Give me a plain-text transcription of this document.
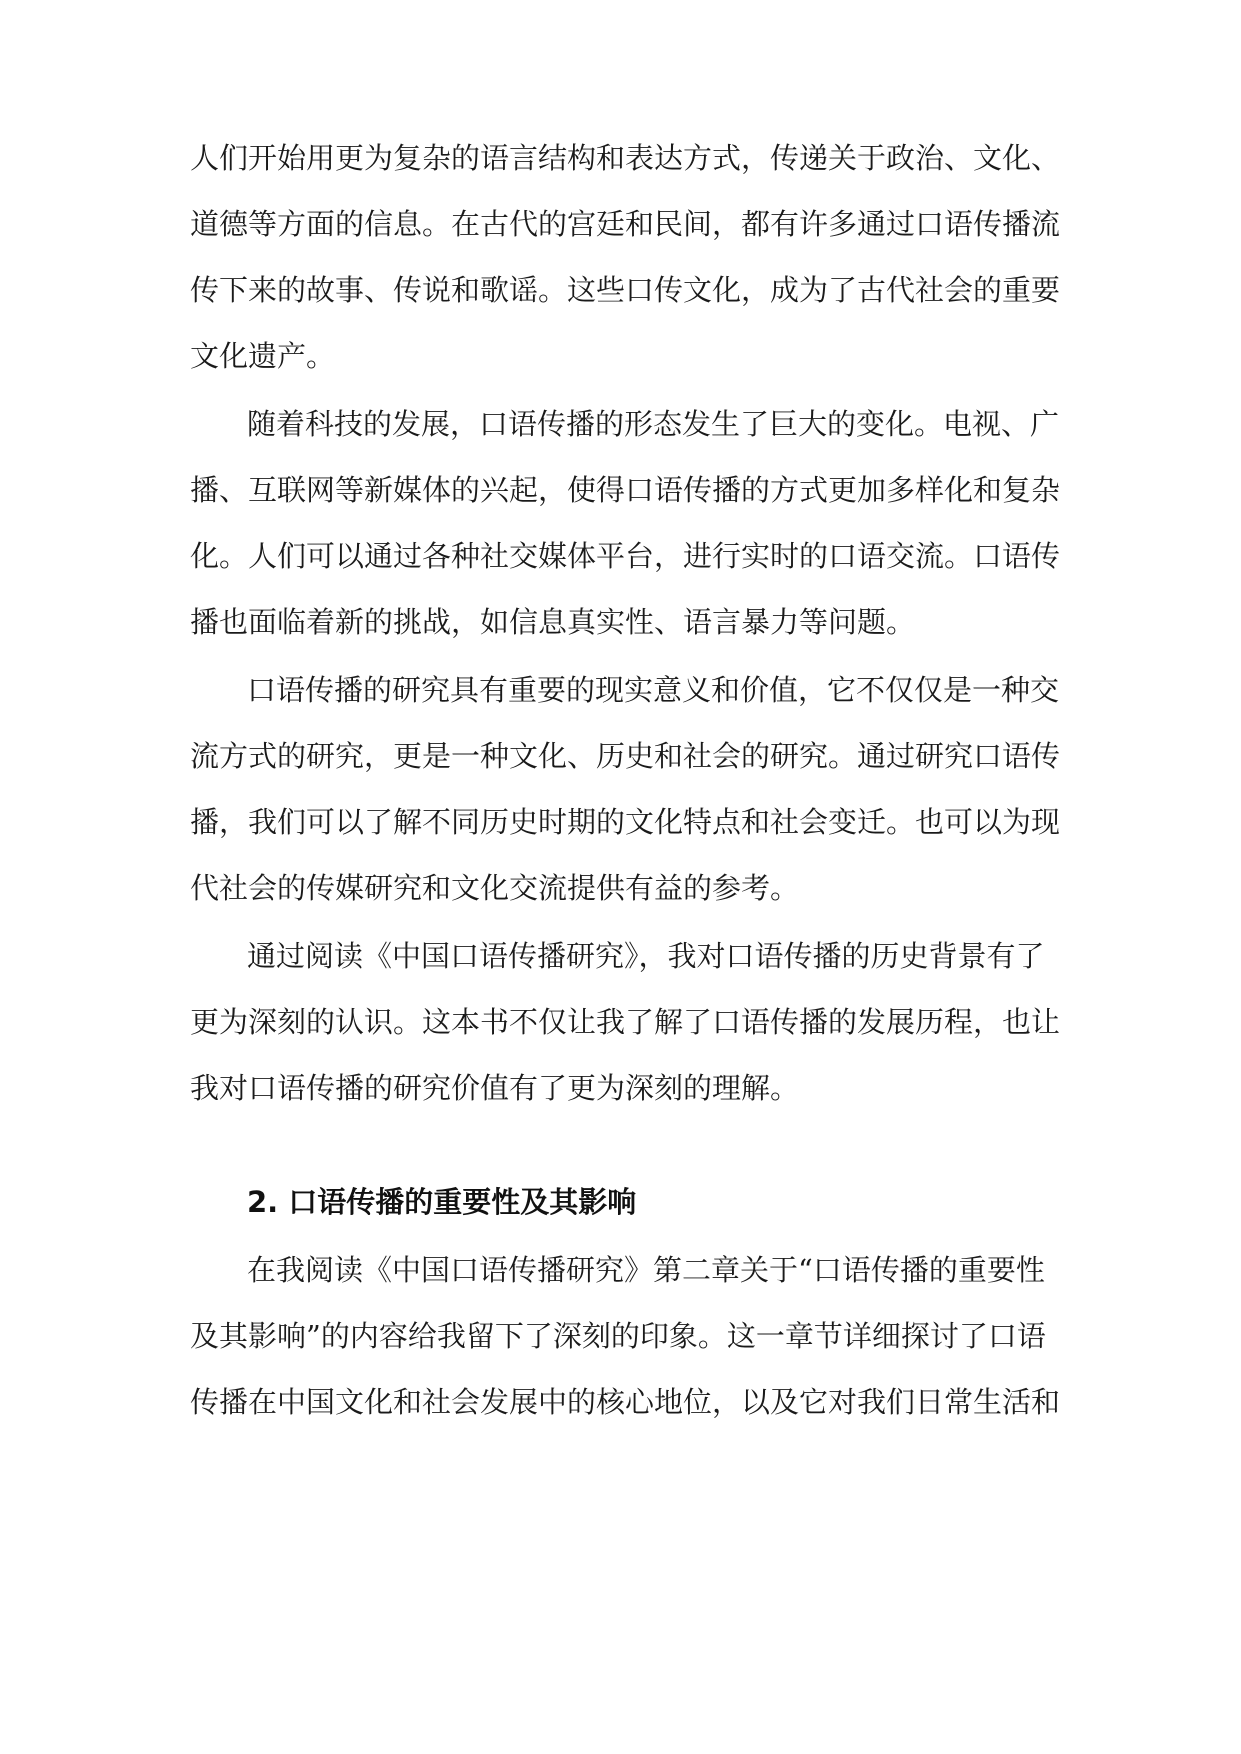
人们开始用更为复杂的语言结构和表达方式，传递关于政治、文化、

道德等方面的信息。在古代的宫廷和民间，都有许多通过口语传播流

传下来的故事、传说和歌谣。这些口传文化，成为了古代社会的重要

文化遗产。

随着科技的发展，口语传播的形态发生了巨大的变化。电视、广

播、互联网等新媒体的兴起，使得口语传播的方式更加多样化和复杂

化。人们可以通过各种社交媒体平台，进行实时的口语交流。口语传

播也面临着新的挑战，如信息真实性、语言暴力等问题。

口语传播的研究具有重要的现实意义和价值，它不仅仅是一种交

流方式的研究，更是一种文化、历史和社会的研究。通过研究口语传

播，我们可以了解不同历史时期的文化特点和社会变迁。也可以为现

代社会的传媒研究和文化交流提供有益的参考。

通过阅读《中国口语传播研究》，我对口语传播的历史背景有了

更为深刻的认识。这本书不仅让我了解了口语传播的发展历程，也让

我对口语传播的研究价值有了更为深刻的理解。

2. 口语传播的重要性及其影响

在我阅读《中国口语传播研究》第二章关于“口语传播的重要性

及其影响”的内容给我留下了深刻的印象。这一章节详细探讨了口语

传播在中国文化和社会发展中的核心地位，以及它对我们日常生活和
